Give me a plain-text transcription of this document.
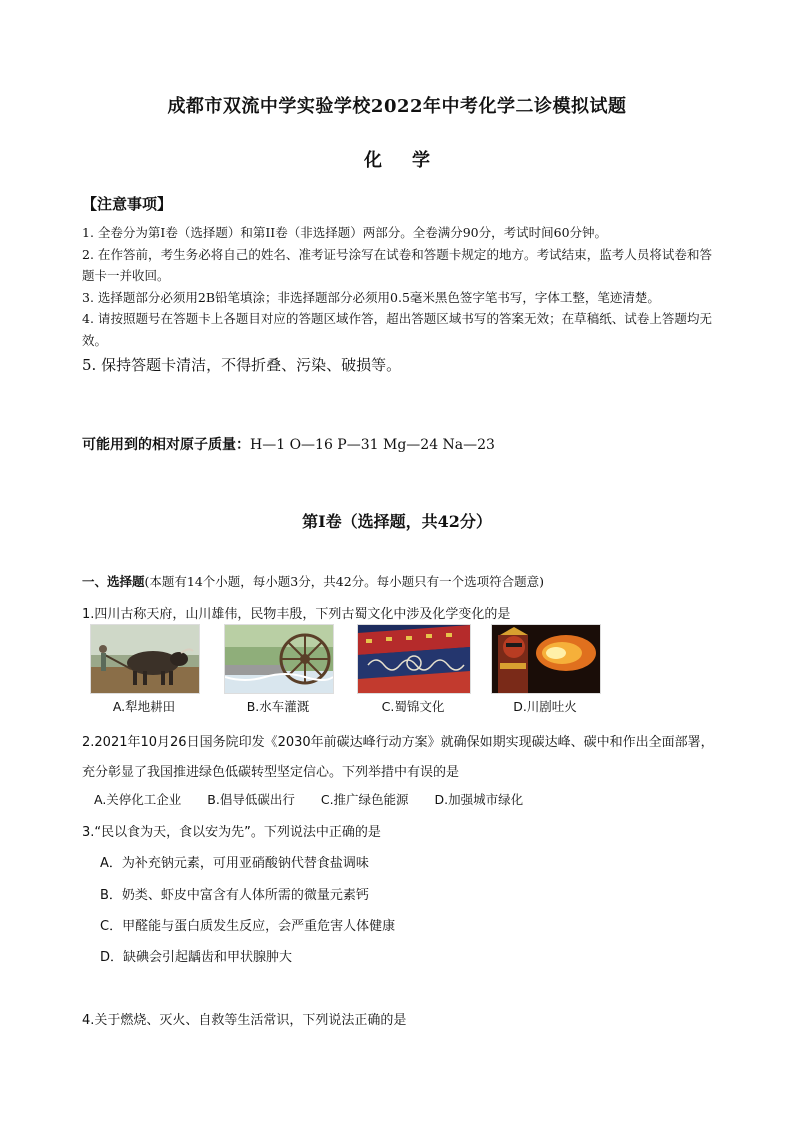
成都市双流中学实验学校2022年中考化学二诊模拟试题
化学
【注意事项】

1. 全卷分为第Ⅰ卷（选择题）和第ⅠⅠ卷（非选择题）两部分。全卷满分90分，考试时间60分钟。

2. 在作答前，考生务必将自己的姓名、准考证号涂写在试卷和答题卡规定的地方。考试结束，监考人员将试卷和答题卡一并收回。

3. 选择题部分必须用2B铅笔填涂；非选择题部分必须用0.5毫米黑色签字笔书写，字体工整，笔迹清楚。

4. 请按照题号在答题卡上各题目对应的答题区域作答，超出答题区域书写的答案无效；在草稿纸、试卷上答题均无效。

5. 保持答题卡清洁，不得折叠、污染、破损等。

可能用到的相对原子质量：H—1 O—16 P—31 Mg—24 Na—23
第Ⅰ卷（选择题，共42分）
一、选择题(本题有14个小题，每小题3分，共42分。每小题只有一个选项符合题意)
1.四川古称天府，山川雄伟，民物丰殷，下列古蜀文化中涉及化学变化的是
A.犁地耕田	B.水车灌溉	C.蜀锦文化	D.川剧吐火
2.2021年10月26日国务院印发《2030年前碳达峰行动方案》就确保如期实现碳达峰、碳中和作出全面部署，充分彰显了我国推进绿色低碳转型坚定信心。下列举措中有误的是
A.关停化工企业 B.倡导低碳出行 C.推广绿色能源 D.加强城市绿化
3.“民以食为天，食以安为先”。下列说法中正确的是
A．为补充钠元素，可用亚硝酸钠代替食盐调味
B．奶类、虾皮中富含有人体所需的微量元素钙
C．甲醛能与蛋白质发生反应，会严重危害人体健康
D．缺碘会引起龋齿和甲状腺肿大
4.关于燃烧、灭火、自救等生活常识，下列说法正确的是
